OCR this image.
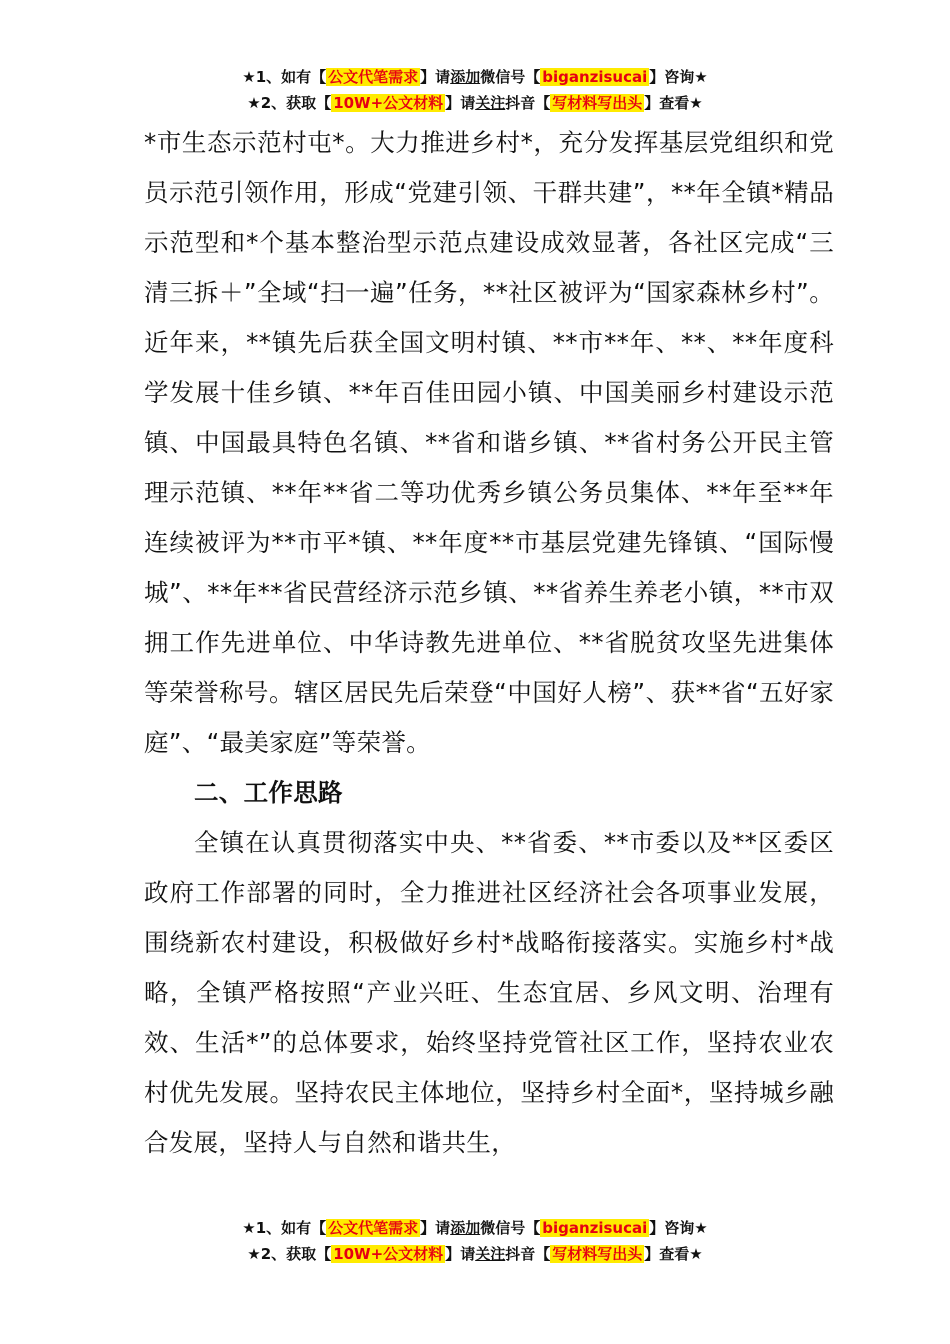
★1、如有【 公文代笔需求 】请添加微信号【 biganzisucai 】咨询★
★2、获取【 10W+公文材料 】请关注抖音【 写材料写出头 】查看★

*市生态示范村屯*。大力推进乡村*，充分发挥基层党组织和党员示范引领作用，形成“党建引领、干群共建”，**年全镇*精品示范型和*个基本整治型示范点建设成效显著，各社区完成“三清三拆＋”全域“扫一遍”任务，**社区被评为“国家森林乡村”。近年来，**镇先后获全国文明村镇、**市**年、**、**年度科学发展十佳乡镇、**年百佳田园小镇、中国美丽乡村建设示范镇、中国最具特色名镇、**省和谐乡镇、**省村务公开民主管理示范镇、**年**省二等功优秀乡镇公务员集体、**年至**年连续被评为**市平*镇、**年度**市基层党建先锋镇、“国际慢城”、**年**省民营经济示范乡镇、**省养生养老小镇，**市双拥工作先进单位、中华诗教先进单位、**省脱贫攻坚先进集体等荣誉称号。辖区居民先后荣登“中国好人榜”、获**省“五好家庭”、“最美家庭”等荣誉。

二、工作思路

全镇在认真贯彻落实中央、**省委、**市委以及**区委区政府工作部署的同时，全力推进社区经济社会各项事业发展，围绕新农村建设，积极做好乡村*战略衔接落实。实施乡村*战略，全镇严格按照“产业兴旺、生态宜居、乡风文明、治理有效、生活*”的总体要求，始终坚持党管社区工作，坚持农业农村优先发展。坚持农民主体地位，坚持乡村全面*，坚持城乡融合发展，坚持人与自然和谐共生，

★1、如有【 公文代笔需求 】请添加微信号【 biganzisucai 】咨询★
★2、获取【 10W+公文材料 】请关注抖音【 写材料写出头 】查看★
